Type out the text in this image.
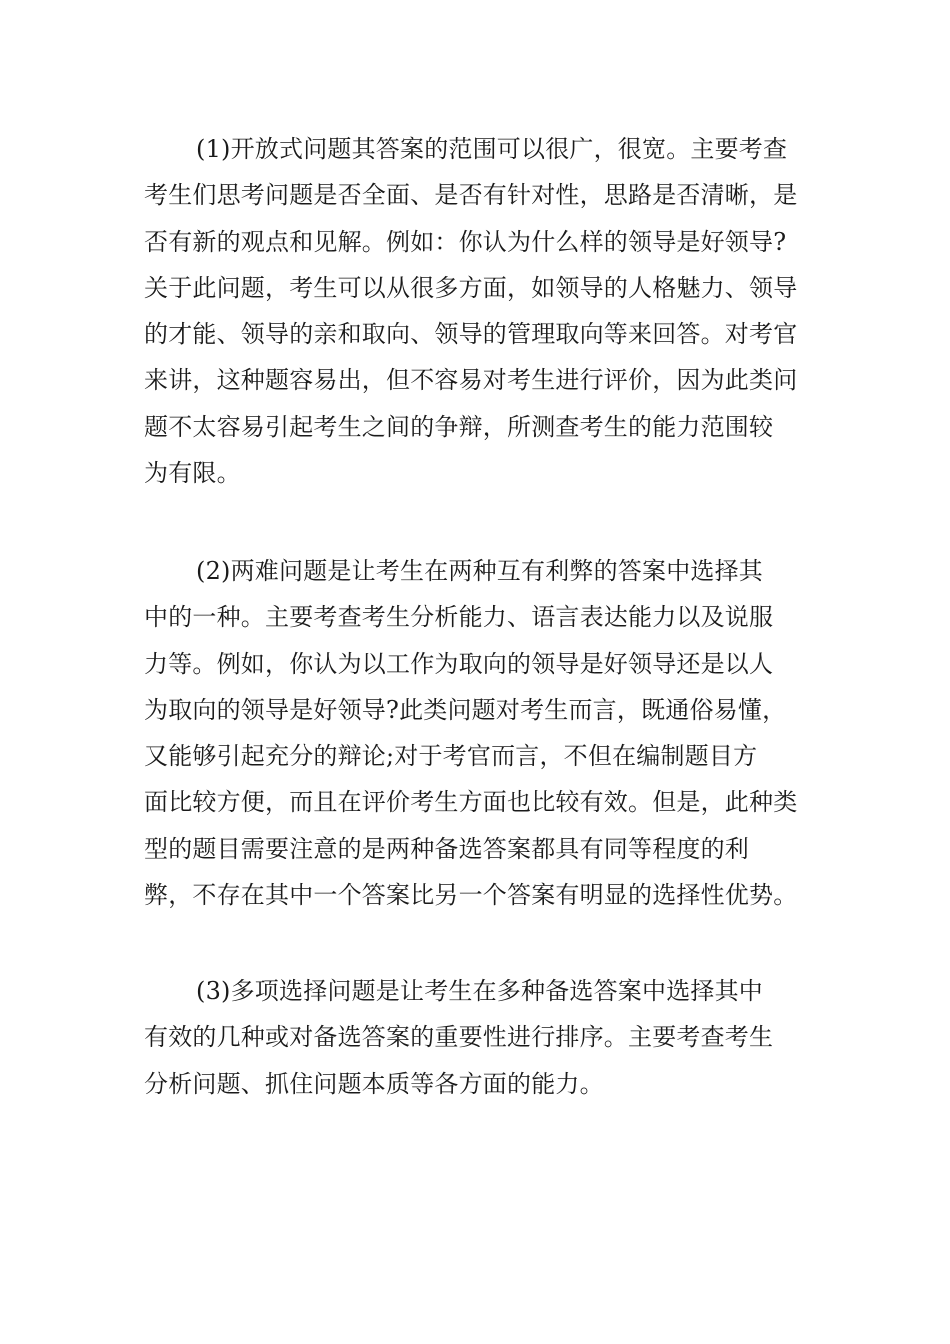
(1)开放式问题其答案的范围可以很广，很宽。主要考查
考生们思考问题是否全面、是否有针对性，思路是否清晰，是
否有新的观点和见解。例如：你认为什么样的领导是好领导?
关于此问题，考生可以从很多方面，如领导的人格魅力、领导
的才能、领导的亲和取向、领导的管理取向等来回答。对考官
来讲，这种题容易出，但不容易对考生进行评价，因为此类问
题不太容易引起考生之间的争辩，所测查考生的能力范围较
为有限。
(2)两难问题是让考生在两种互有利弊的答案中选择其
中的一种。主要考查考生分析能力、语言表达能力以及说服
力等。例如，你认为以工作为取向的领导是好领导还是以人
为取向的领导是好领导?此类问题对考生而言，既通俗易懂，
又能够引起充分的辩论;对于考官而言，不但在编制题目方
面比较方便，而且在评价考生方面也比较有效。但是，此种类
型的题目需要注意的是两种备选答案都具有同等程度的利
弊，不存在其中一个答案比另一个答案有明显的选择性优势。
(3)多项选择问题是让考生在多种备选答案中选择其中
有效的几种或对备选答案的重要性进行排序。主要考查考生
分析问题、抓住问题本质等各方面的能力。
